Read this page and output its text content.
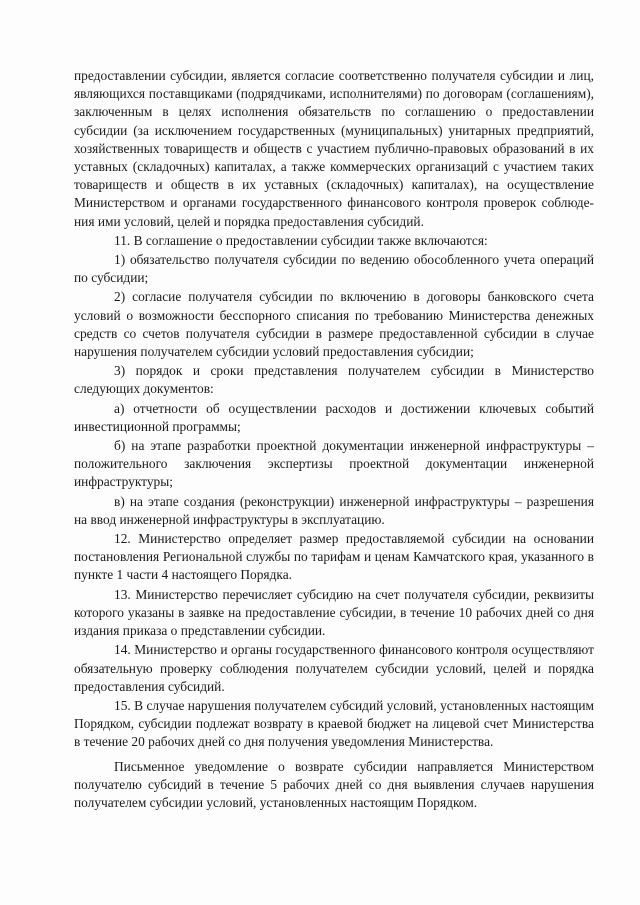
предоставлении субсидии, является согласие соответственно получателя субсидии и лиц, являющихся поставщиками (подрядчиками, исполнителями) по договорам (соглашениям), заключенным в целях исполнения обязательств по соглашению о предоставлении субсидии (за исключением государственных (муниципальных) унитарных предприятий, хозяйственных товариществ и обществ с участием публично-правовых образований в их уставных (складочных) капиталах, а также коммерческих организаций с участием таких товариществ и обществ в их уставных (складочных) капиталах), на осуществление Министерством и органами государственного финансового контроля проверок соблюдения ими условий, целей и порядка предоставления субсидий.

11. В соглашение о предоставлении субсидии также включаются:

1) обязательство получателя субсидии по ведению обособленного учета операций по субсидии;

2) согласие получателя субсидии по включению в договоры банковского счета условий о возможности бесспорного списания по требованию Министерства денежных средств со счетов получателя субсидии в размере предоставленной субсидии в случае нарушения получателем субсидии условий предоставления субсидии;

3) порядок и сроки представления получателем субсидии в Министерство следующих документов:

а) отчетности об осуществлении расходов и достижении ключевых событий инвестиционной программы;

б) на этапе разработки проектной документации инженерной инфраструктуры – положительного заключения экспертизы проектной документации инженерной инфраструктуры;

в) на этапе создания (реконструкции) инженерной инфраструктуры – разрешения на ввод инженерной инфраструктуры в эксплуатацию.

12. Министерство определяет размер предоставляемой субсидии на основании постановления Региональной службы по тарифам и ценам Камчатского края, указанного в пункте 1 части 4 настоящего Порядка.

13. Министерство перечисляет субсидию на счет получателя субсидии, реквизиты которого указаны в заявке на предоставление субсидии, в течение 10 рабочих дней со дня издания приказа о представлении субсидии.

14. Министерство и органы государственного финансового контроля осуществляют обязательную проверку соблюдения получателем субсидии условий, целей и порядка предоставления субсидий.

15. В случае нарушения получателем субсидий условий, установленных настоящим Порядком, субсидии подлежат возврату в краевой бюджет на лицевой счет Министерства в течение 20 рабочих дней со дня получения уведомления Министерства.

Письменное уведомление о возврате субсидии направляется Министерством получателю субсидий в течение 5 рабочих дней со дня выявления случаев нарушения получателем субсидии условий, установленных настоящим Порядком.
